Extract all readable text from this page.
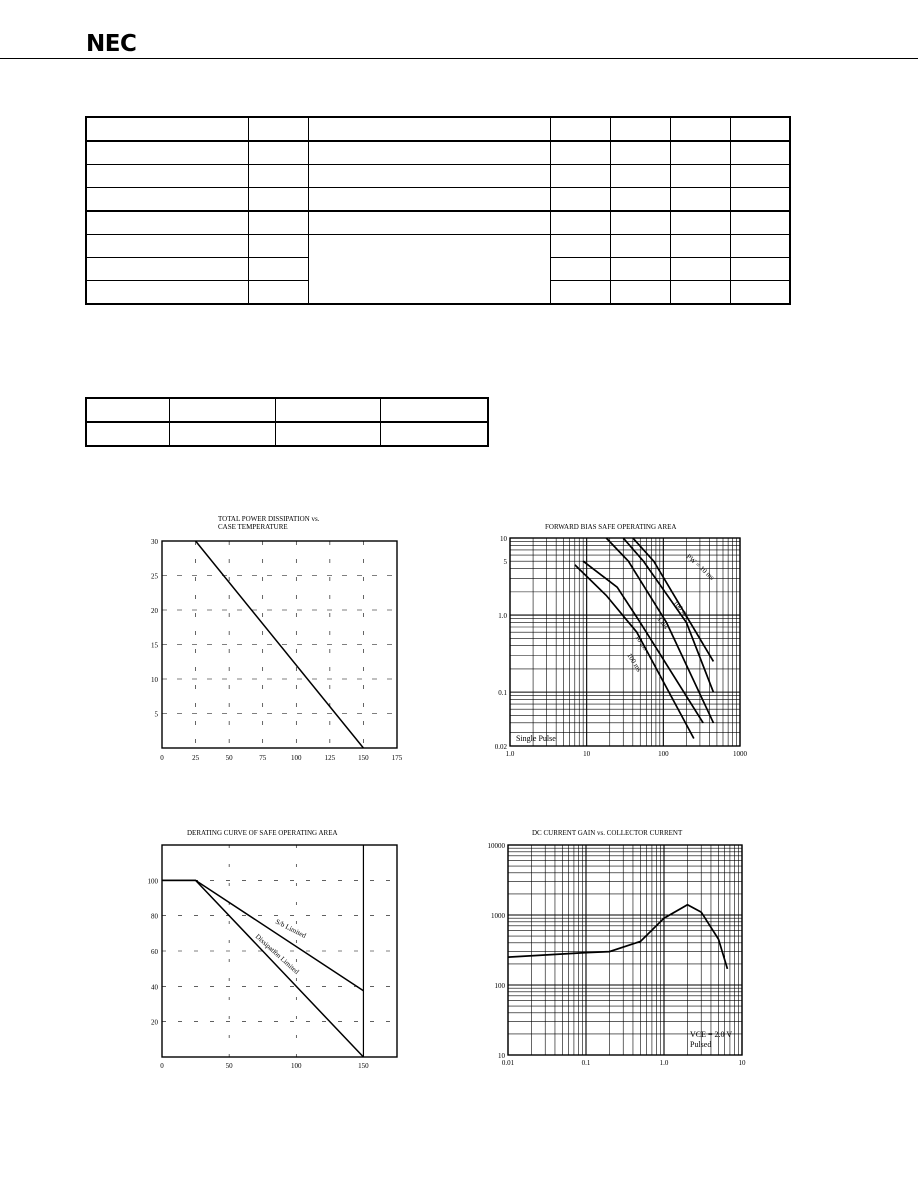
NEC

TOTAL POWER DISSIPATION vs.
CASE TEMPERATURE
0	25	50	75	100	125	150	175
5
10
15
20
25
30
FORWARD BIAS SAFE OPERATING AREA
1.0	10	100	1000
10
5
1.0
0.1
0.02
Single Pulse
PW = 10 ms
100 ms
1 ms
10 ms
100 ms
DERATING CURVE OF SAFE OPERATING AREA
0	50	100	150
20
40
60
80
100
S/b Limited
Dissipation Limited
DC CURRENT GAIN vs. COLLECTOR CURRENT
0.01	0.1	1.0	10
10000
1000
100
10
VCE = 2.0 V
Pulsed
